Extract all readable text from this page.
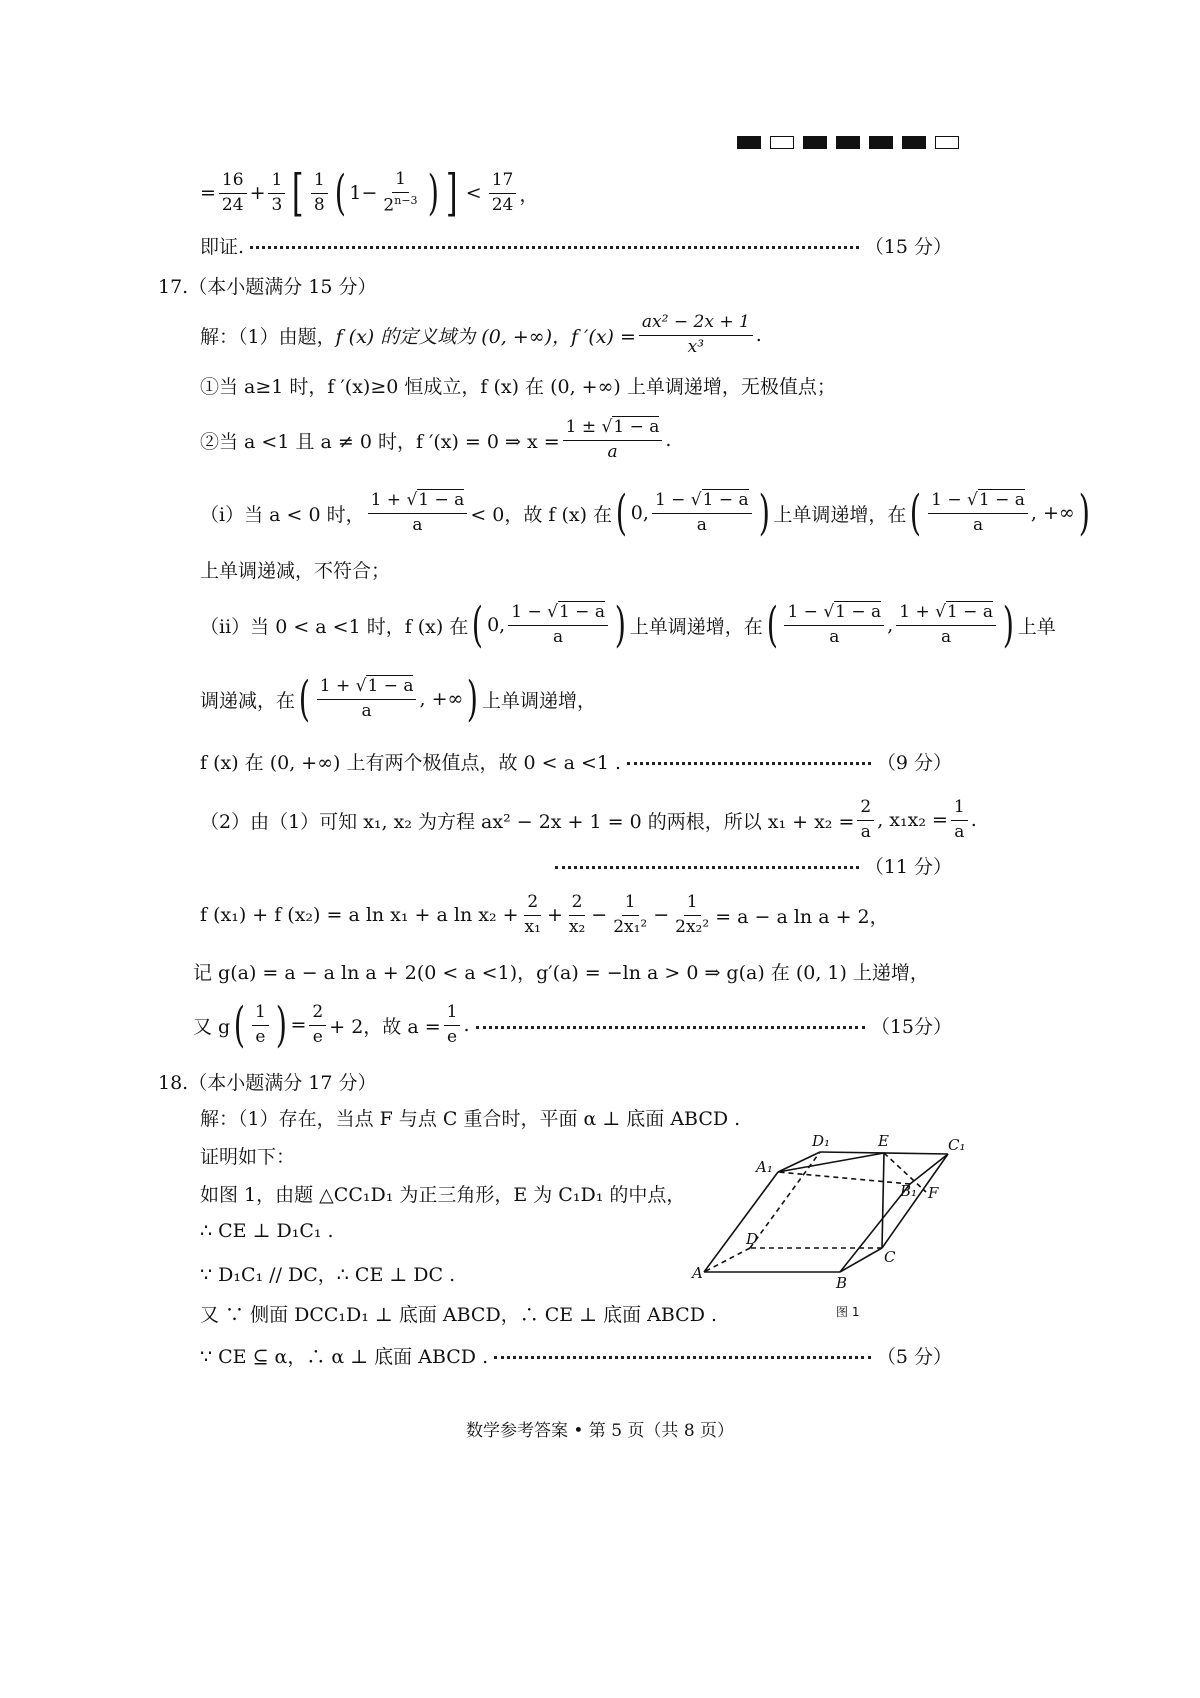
= $\frac{16}{24} + \frac{1}{3}$ [ $\frac{1}{8}$ ( $1- \frac{1}{2^{n-3}}$ ) ] < $\frac{17}{24}$ ，
即证.	（15 分）
17.（本小题满分 15 分）
解：（1）由题， f (x) 的定义域为 (0, +∞)，f $'(x) = \frac{\text{ax² − 2x + 1}}{\text{x³}}$ .
①当 a≥1 时，f ′(x)≥0 恒成立，f (x) 在 (0, +∞) 上单调递增，无极值点；
②当 a <1 且 a ≠ 0 时，f ′(x) = 0 ⇒ $x = \frac{1 \pm √1 - a}{a}$ .
（i）当 a < 0 时， $\frac{1 + √1 - a}{a} < 0$，故 f (x) 在 ( 0, $\frac{1 - √1 - a}{a}$ ) 上单调递增，在 ( $\frac{1 - √1 - a}{a}$ , +∞ )
上单调递减，不符合；
（ii）当 0 < a <1 时，f (x) 在 ( 0, $\frac{1 - √1 - a}{a}$ ) 上单调递增，在 ( $\frac{1 - √1 - a}{a}$ , $\frac{1 + √1 - a}{a}$ ) 上单
调递减，在 ( $\frac{1 + √1 - a}{a}$ , +∞ ) 上单调递增，
f (x) 在 (0, +∞) 上有两个极值点，故 0 < a <1 .	（9 分）
（2）由（1）可知 x₁, x₂ 为方程 ax² − 2x + 1 = 0 的两根，所以 $x_1 + x_2 = \frac{2}{a}$ , $x_1x_2 = \frac{1}{a}$ .
（11 分）
f (x₁) + f (x₂) = a ln x₁ + a $\ln x_2 + \frac{2}{\text{x₁}} + \frac{2}{\text{x₂}} - \frac{1}{\text{2x₁²}} - \frac{1}{\text{2x₂²}} = a - a$ ln a + 2，
记 g(a) = a − a ln a + 2(0 < a <1)，g′(a) = −ln a > 0 ⇒ g(a) 在 (0, 1) 上递增，
又 g ( $\frac{1}{e}$ ) = $\frac{2}{e} + 2$，故 $a = \frac{1}{e}$ .	（15分）
18.（本小题满分 17 分）
解：（1）存在，当点 F 与点 C 重合时，平面 α ⊥ 底面 ABCD .
证明如下：
如图 1，由题 △CC₁D₁ 为正三角形，E 为 C₁D₁ 的中点，
∴ CE ⊥ D₁C₁ .
∵ D₁C₁ // DC，∴ CE ⊥ DC .
又 ∵ 侧面 DCC₁D₁ ⊥ 底面 ABCD，∴ CE ⊥ 底面 ABCD .
∵ CE ⊆ α，∴ α ⊥ 底面 ABCD .	（5 分）
D₁	E	C₁
A₁
B₁ F
D
C
A
B
图 1
数学参考答案 • 第 5 页（共 8 页）
